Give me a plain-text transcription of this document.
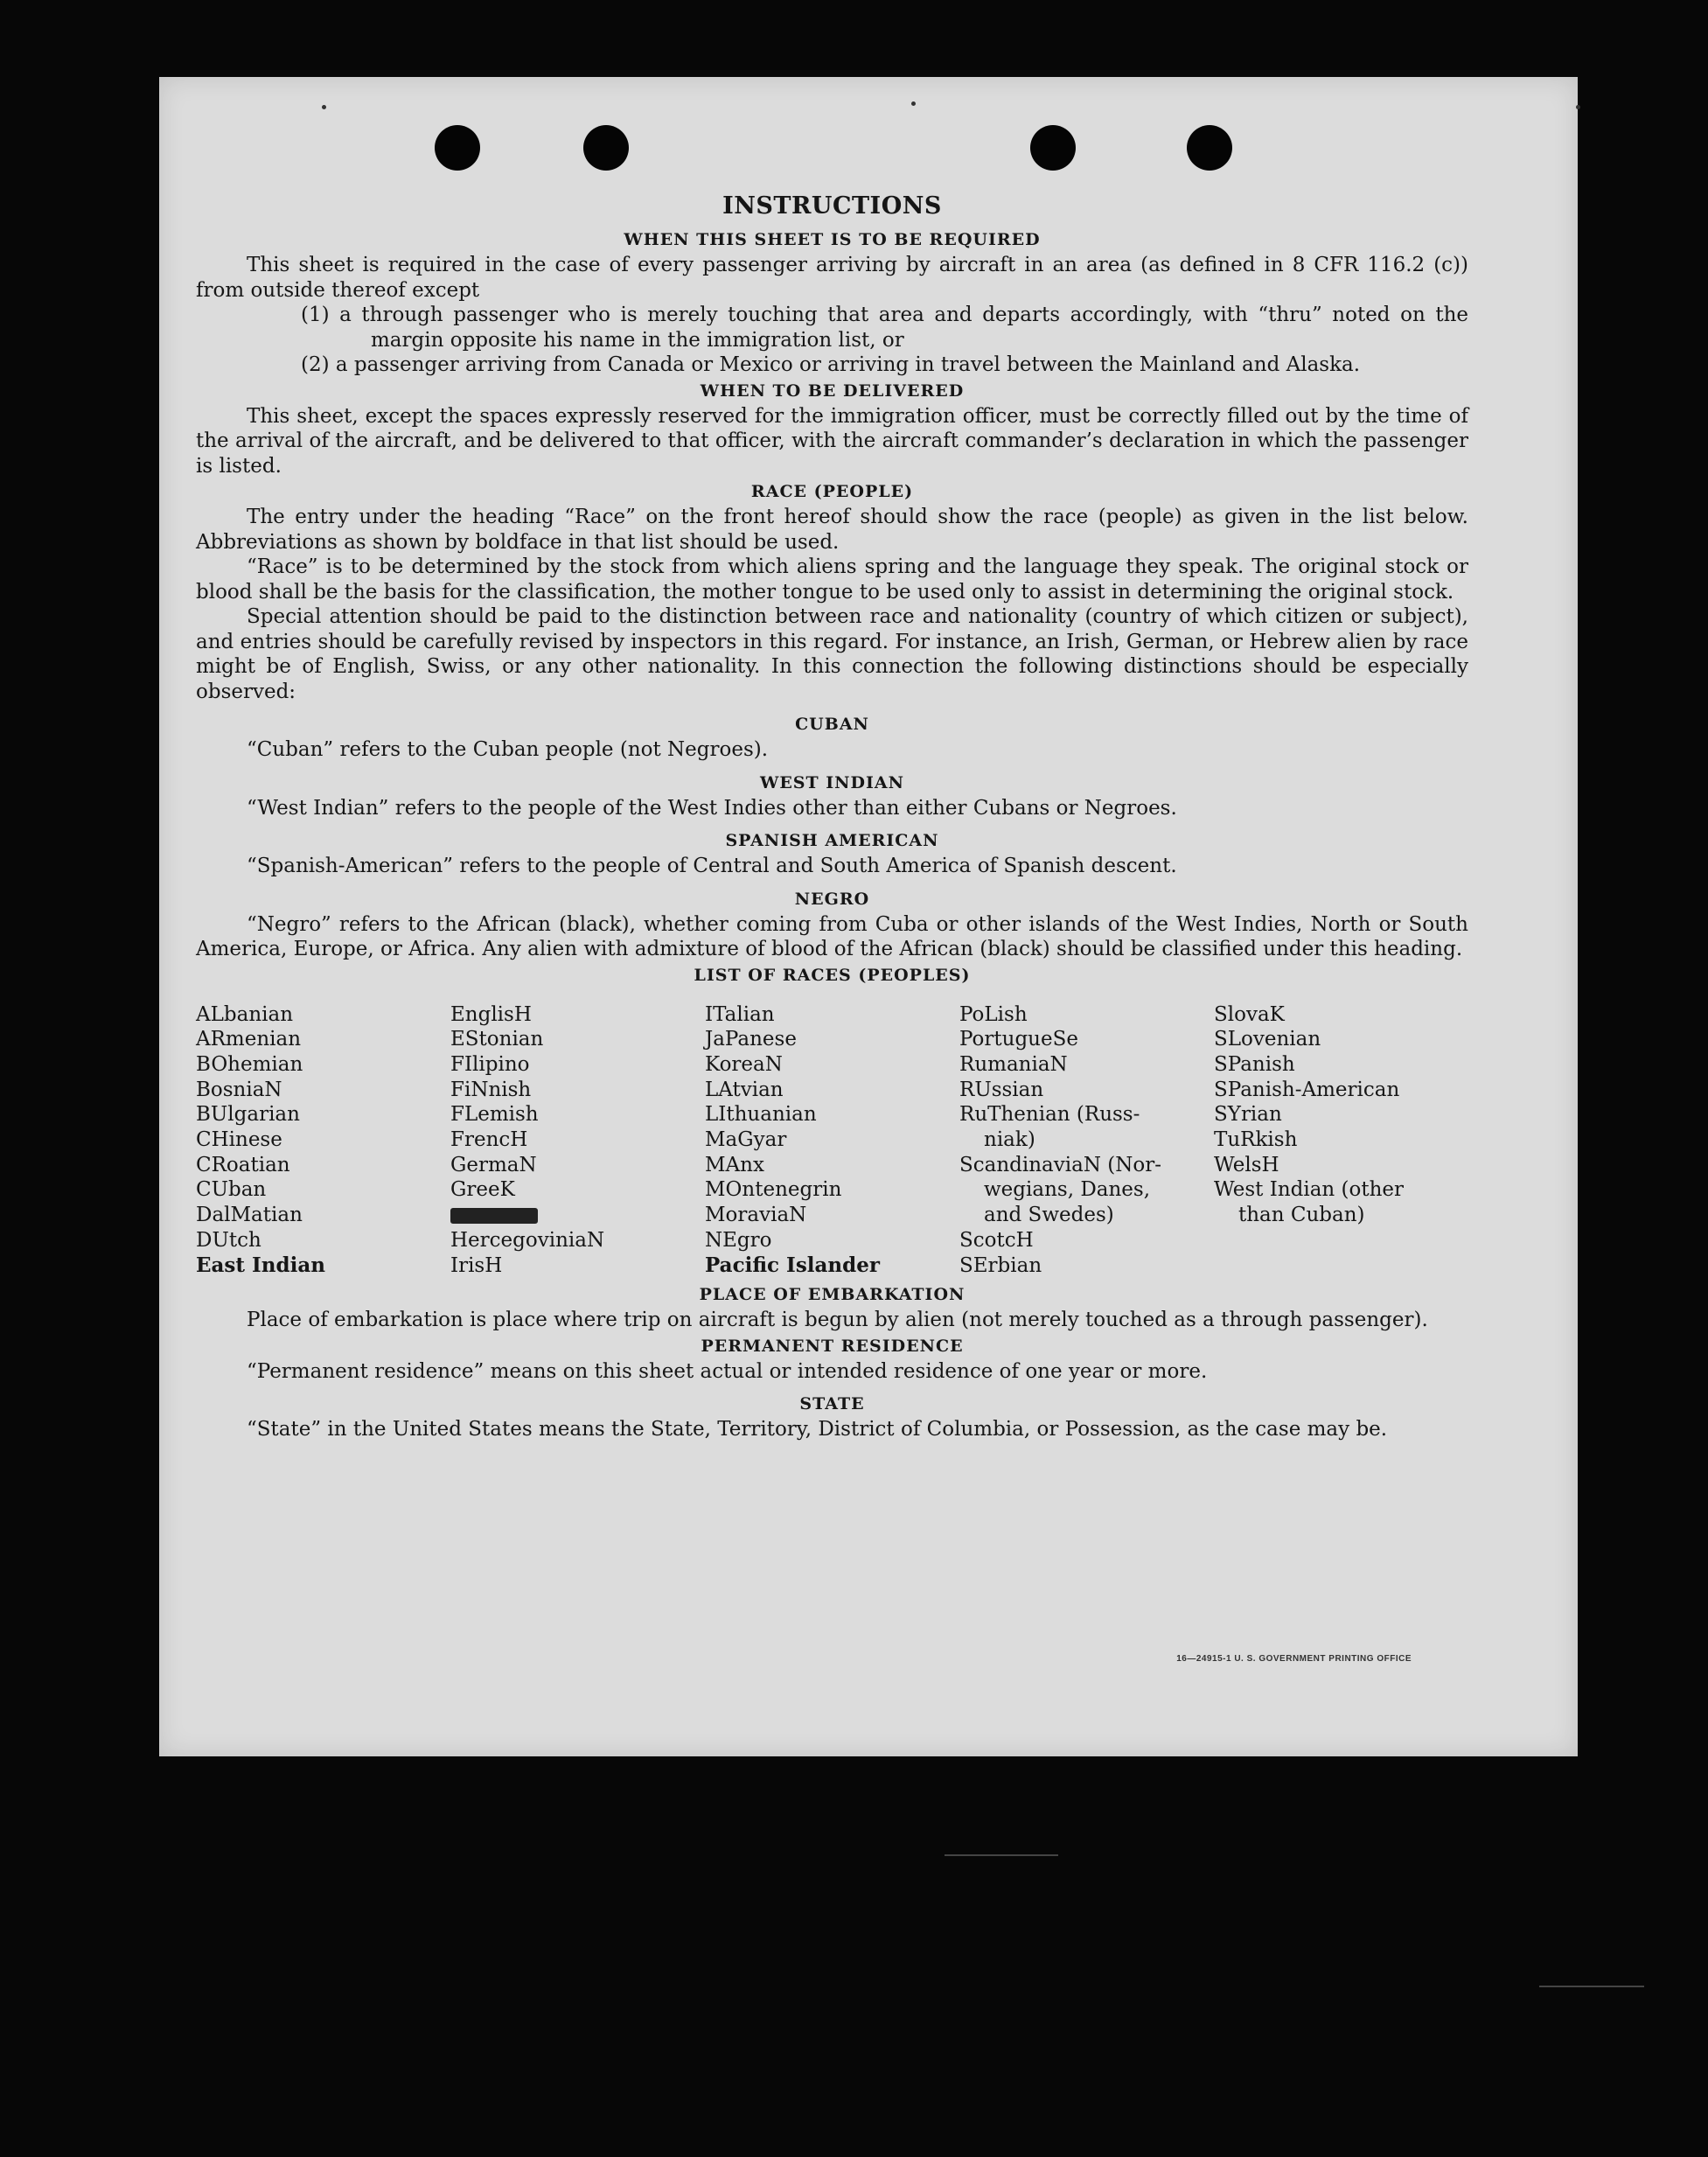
INSTRUCTIONS
WHEN THIS SHEET IS TO BE REQUIRED

This sheet is required in the case of every passenger arriving by aircraft in an area (as defined in 8 CFR 116.2 (c)) from outside thereof except

(1) a through passenger who is merely touching that area and departs accordingly, with “thru” noted on the margin opposite his name in the immigration list, or

(2) a passenger arriving from Canada or Mexico or arriving in travel between the Mainland and Alaska.

WHEN TO BE DELIVERED

This sheet, except the spaces expressly reserved for the immigration officer, must be correctly filled out by the time of the arrival of the aircraft, and be delivered to that officer, with the aircraft commander’s declaration in which the passenger is listed.

RACE (PEOPLE)

The entry under the heading “Race” on the front hereof should show the race (people) as given in the list below. Abbreviations as shown by boldface in that list should be used.

“Race” is to be determined by the stock from which aliens spring and the language they speak. The original stock or blood shall be the basis for the classification, the mother tongue to be used only to assist in determining the original stock.

Special attention should be paid to the distinction between race and nationality (country of which citizen or subject), and entries should be carefully revised by inspectors in this regard. For instance, an Irish, German, or Hebrew alien by race might be of English, Swiss, or any other nationality. In this connection the following distinctions should be especially observed:

CUBAN

“Cuban” refers to the Cuban people (not Negroes).

WEST INDIAN

“West Indian” refers to the people of the West Indies other than either Cubans or Negroes.

SPANISH AMERICAN

“Spanish-American” refers to the people of Central and South America of Spanish descent.

NEGRO

“Negro” refers to the African (black), whether coming from Cuba or other islands of the West Indies, North or South America, Europe, or Africa. Any alien with admixture of blood of the African (black) should be classified under this heading.

LIST OF RACES (PEOPLES)
ALbanian
ARmenian
BOhemian
BosniaN
BUlgarian
CHinese
CRoatian
CUban
DalMatian
DUtch
East Indian
EnglisH
EStonian
FIlipino
FiNnish
FLemish
FrencH
GermaN
GreeK
HercegoviniaN
IrisH
ITalian
JaPanese
KoreaN
LAtvian
LIthuanian
MaGyar
MAnx
MOntenegrin
MoraviaN
NEgro
Pacific Islander
PoLish
PortugueSe
RumaniaN
RUssian
RuThenian (Russ-
niak)
ScandinaviaN (Nor-
wegians, Danes,
and Swedes)
ScotcH
SErbian
SlovaK
SLovenian
SPanish
SPanish-American
SYrian
TuRkish
WelsH
West Indian (other
than Cuban)
PLACE OF EMBARKATION

Place of embarkation is place where trip on aircraft is begun by alien (not merely touched as a through passenger).

PERMANENT RESIDENCE

“Permanent residence” means on this sheet actual or intended residence of one year or more.

STATE

“State” in the United States means the State, Territory, District of Columbia, or Possession, as the case may be.

16—24915-1 U. S. GOVERNMENT PRINTING OFFICE
